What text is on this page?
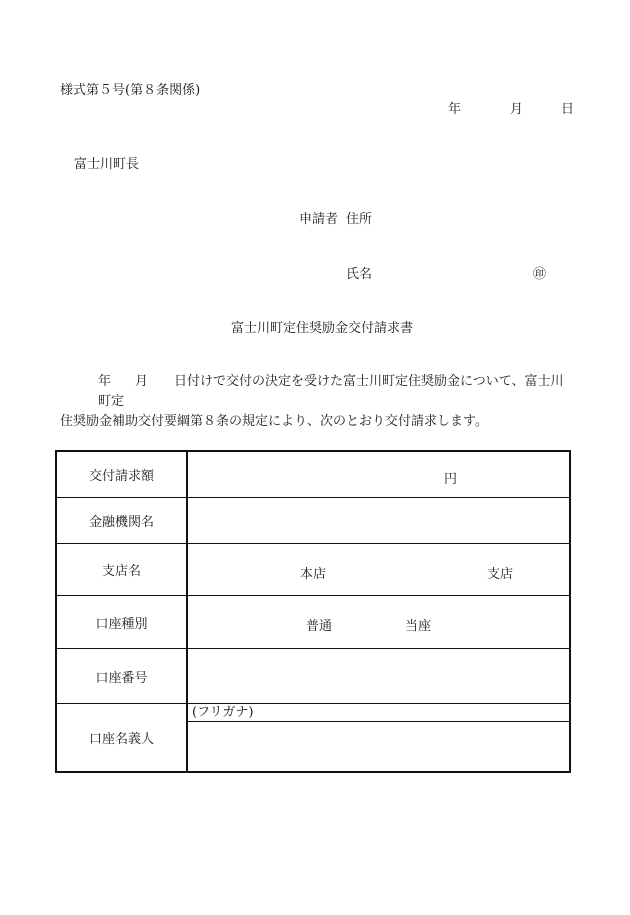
様式第５号(第８条関係)
年	月	日
富士川町長
申請者 住所
氏名	㊞
富士川町定住奨励金交付請求書
年 月 日付けで交付の決定を受けた富士川町定住奨励金について、富士川町定
住奨励金補助交付要綱第８条の規定により、次のとおり交付請求します。
交付請求額	円

金融機関名	
支店名	本店 支店

口座種別	普通 当座

口座番号	
口座名義人	(フリガナ)
